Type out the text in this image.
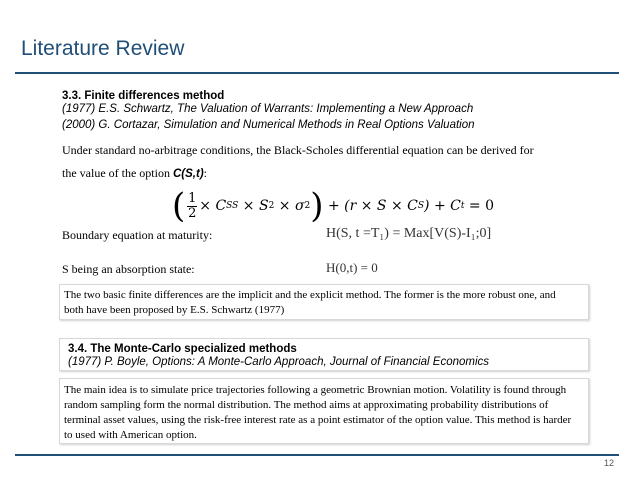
Literature Review
3.3. Finite differences method
(1977) E.S. Schwartz, The Valuation of Warrants: Implementing a New Approach
(2000) G. Cortazar, Simulation and Numerical Methods in Real Options Valuation
Under standard no-arbitrage conditions, the Black-Scholes differential equation can be derived for
the value of the option C(S,t):
( 1
2 × C SS × S 2 × σ 2 ) + (r × S × C S ) + C t = 0
Boundary equation at maturity:	H(S, t =T₁) = Max[V(S)-I₁;0]
S being an absorption state:	H(0,t) = 0
The two basic finite differences are the implicit and the explicit method. The former is the more robust one, and both have been proposed by E.S. Schwartz (1977)
3.4. The Monte-Carlo specialized methods
(1977) P. Boyle, Options: A Monte-Carlo Approach, Journal of Financial Economics
The main idea is to simulate price trajectories following a geometric Brownian motion. Volatility is found through random sampling form the normal distribution. The method aims at approximating probability distributions of terminal asset values, using the risk-free interest rate as a point estimator of the option value. This method is harder to used with American option.
12
